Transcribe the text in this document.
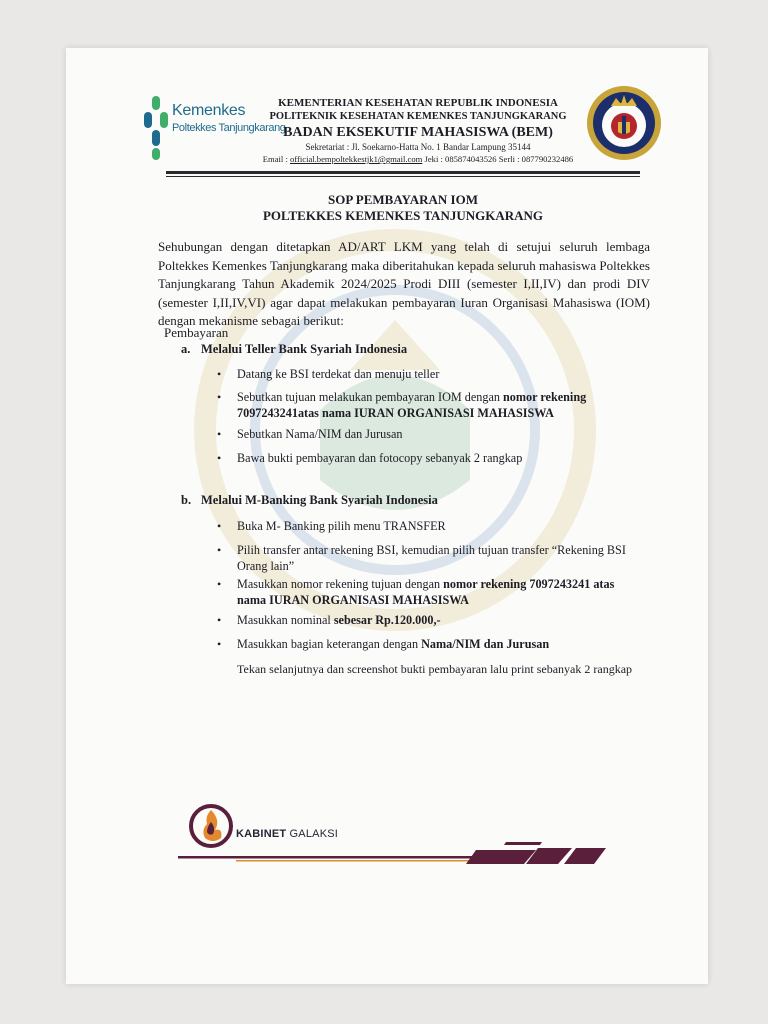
Kemenkes
Poltekkes Tanjungkarang
KEMENTERIAN KESEHATAN REPUBLIK INDONESIA
POLITEKNIK KESEHATAN KEMENKES TANJUNGKARANG
BADAN EKSEKUTIF MAHASISWA (BEM)
Sekretariat : Jl. Soekarno-Hatta No. 1 Bandar Lampung 35144
Email : official.bempoltekkestjk1@gmail.com Jeki : 085874043526 Serli : 087790232486
SOP PEMBAYARAN IOM
POLTEKKES KEMENKES TANJUNGKARANG
Sehubungan dengan ditetapkan AD/ART LKM yang telah di setujui seluruh lembaga Poltekkes Kemenkes Tanjungkarang maka diberitahukan kepada seluruh mahasiswa Poltekkes Tanjungkarang Tahun Akademik 2024/2025 Prodi DIII (semester I,II,IV) dan prodi DIV (semester I,II,IV,VI) agar dapat melakukan pembayaran Iuran Organisasi Mahasiswa (IOM) dengan mekanisme sebagai berikut:
Pembayaran
a. Melalui Teller Bank Syariah Indonesia
• Datang ke BSI terdekat dan menuju teller
• Sebutkan tujuan melakukan pembayaran IOM dengan nomor rekening 7097243241atas nama IURAN ORGANISASI MAHASISWA
• Sebutkan Nama/NIM dan Jurusan
• Bawa bukti pembayaran dan fotocopy sebanyak 2 rangkap
b. Melalui M-Banking Bank Syariah Indonesia
• Buka M- Banking pilih menu TRANSFER
• Pilih transfer antar rekening BSI, kemudian pilih tujuan transfer “Rekening BSI Orang lain”
• Masukkan nomor rekening tujuan dengan nomor rekening 7097243241 atas nama IURAN ORGANISASI MAHASISWA
• Masukkan nominal sebesar Rp.120.000,-
• Masukkan bagian keterangan dengan Nama/NIM dan Jurusan
Tekan selanjutnya dan screenshot bukti pembayaran lalu print sebanyak 2 rangkap
KABINET GALAKSI
